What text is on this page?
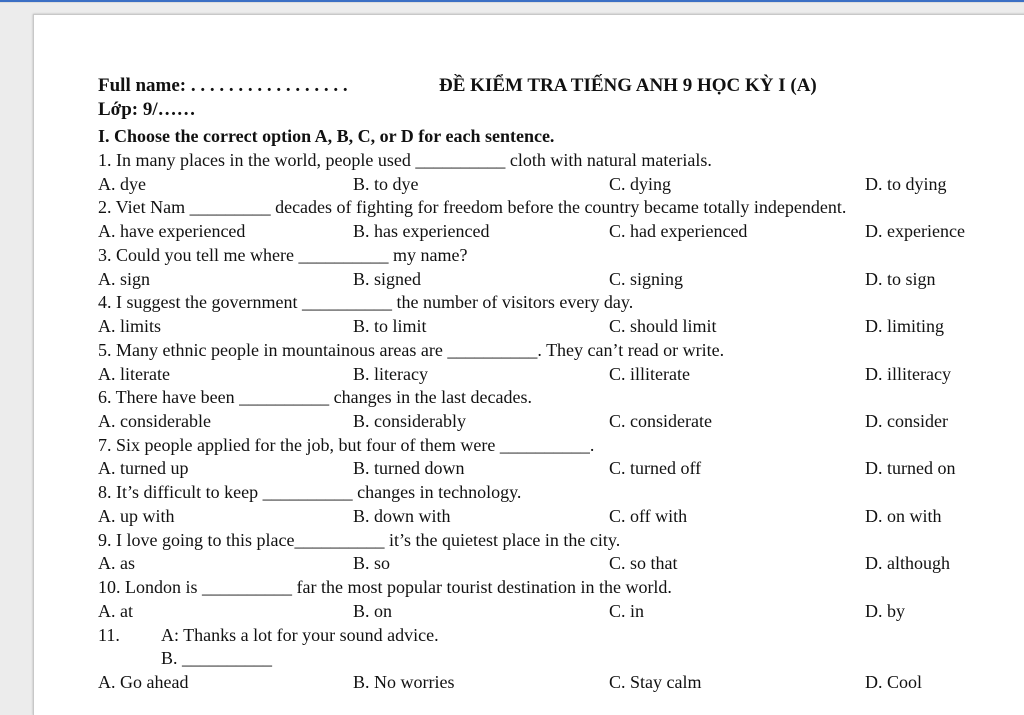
Full name: . . . . . . . . . . . . . . . . .	ĐỀ KIỂM TRA TIẾNG ANH 9 HỌC KỲ I (A)
Lớp: 9/……
I. Choose the correct option A, B, C, or D for each sentence.
1. In many places in the world, people used __________ cloth with natural materials.
A. dye	B. to dye	C. dying	D. to dying
2. Viet Nam _________ decades of fighting for freedom before the country became totally independent.
A. have experienced	B. has experienced	C. had experienced	D. experience
3. Could you tell me where __________ my name?
A. sign	B. signed	C. signing	D. to sign
4. I suggest the government __________ the number of visitors every day.
A. limits	B. to limit	C. should limit	D. limiting
5. Many ethnic people in mountainous areas are __________. They can’t read or write.
A. literate	B. literacy	C. illiterate	D. illiteracy
6. There have been __________ changes in the last decades.
A. considerable	B. considerably	C. considerate	D. consider
7. Six people applied for the job, but four of them were __________.
A. turned up	B. turned down	C. turned off	D. turned on
8. It’s difficult to keep __________ changes in technology.
A. up with	B. down with	C. off with	D. on with
9. I love going to this place__________ it’s the quietest place in the city.
A. as	B. so	C. so that	D. although
10. London is __________ far the most popular tourist destination in the world.
A. at	B. on	C. in	D. by
11. A: Thanks a lot for your sound advice.
B. __________
A. Go ahead	B. No worries	C. Stay calm	D. Cool
